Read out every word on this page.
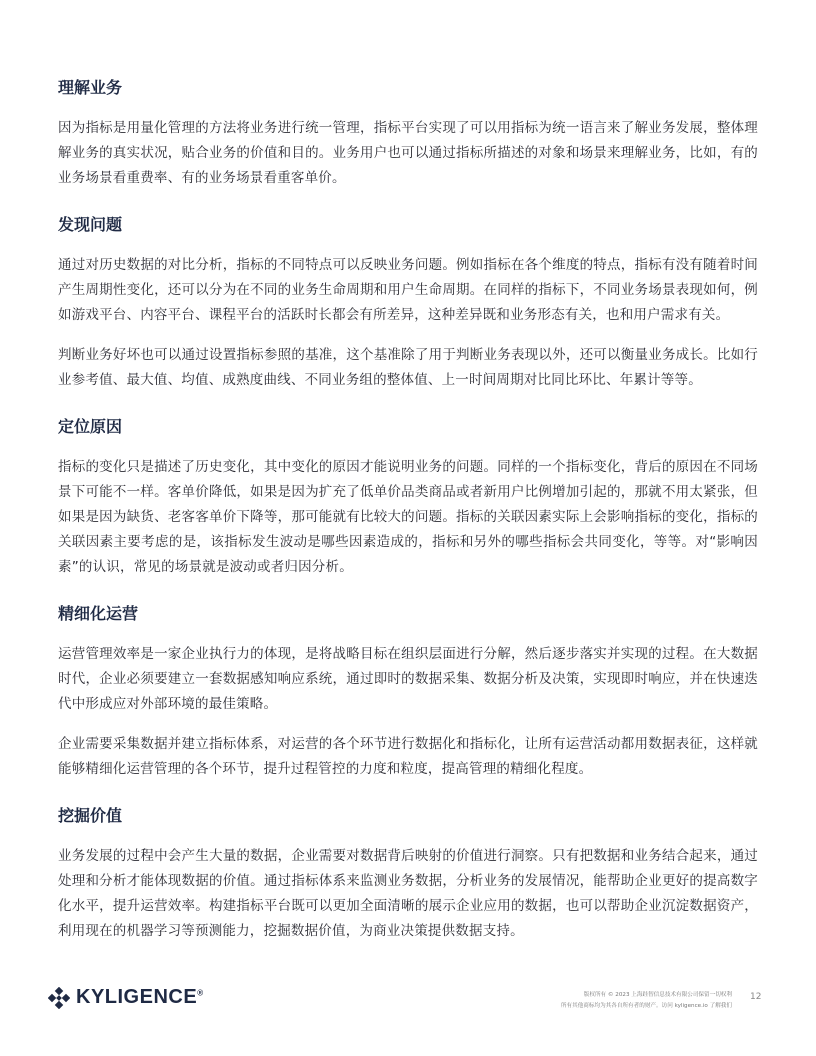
理解业务

因为指标是用量化管理的方法将业务进行统一管理，指标平台实现了可以用指标为统一语言来了解业务发展，整体理解业务的真实状况，贴合业务的价值和目的。业务用户也可以通过指标所描述的对象和场景来理解业务，比如，有的业务场景看重费率、有的业务场景看重客单价。

发现问题

通过对历史数据的对比分析，指标的不同特点可以反映业务问题。例如指标在各个维度的特点，指标有没有随着时间产生周期性变化，还可以分为在不同的业务生命周期和用户生命周期。在同样的指标下，不同业务场景表现如何，例如游戏平台、内容平台、课程平台的活跃时长都会有所差异，这种差异既和业务形态有关，也和用户需求有关。

判断业务好坏也可以通过设置指标参照的基准，这个基准除了用于判断业务表现以外，还可以衡量业务成长。比如行业参考值、最大值、均值、成熟度曲线、不同业务组的整体值、上一时间周期对比同比环比、年累计等等。

定位原因

指标的变化只是描述了历史变化，其中变化的原因才能说明业务的问题。同样的一个指标变化，背后的原因在不同场景下可能不一样。客单价降低，如果是因为扩充了低单价品类商品或者新用户比例增加引起的，那就不用太紧张，但如果是因为缺货、老客客单价下降等，那可能就有比较大的问题。指标的关联因素实际上会影响指标的变化，指标的关联因素主要考虑的是，该指标发生波动是哪些因素造成的，指标和另外的哪些指标会共同变化，等等。对“影响因素”的认识，常见的场景就是波动或者归因分析。

精细化运营

运营管理效率是一家企业执行力的体现，是将战略目标在组织层面进行分解，然后逐步落实并实现的过程。在大数据时代，企业必须要建立一套数据感知响应系统，通过即时的数据采集、数据分析及决策，实现即时响应，并在快速迭代中形成应对外部环境的最佳策略。

企业需要采集数据并建立指标体系，对运营的各个环节进行数据化和指标化，让所有运营活动都用数据表征，这样就能够精细化运营管理的各个环节，提升过程管控的力度和粒度，提高管理的精细化程度。

挖掘价值

业务发展的过程中会产生大量的数据，企业需要对数据背后映射的价值进行洞察。只有把数据和业务结合起来，通过处理和分析才能体现数据的价值。通过指标体系来监测业务数据，分析业务的发展情况，能帮助企业更好的提高数字化水平，提升运营效率。构建指标平台既可以更加全面清晰的展示企业应用的数据，也可以帮助企业沉淀数据资产，利用现在的机器学习等预测能力，挖掘数据价值，为商业决策提供数据支持。

KYLIGENCE®	版权所有 © 2023 上海跬智信息技术有限公司保留一切权利
所有其他商标均为其各自所有者的财产。访问 kyligence.io 了解我们
12
